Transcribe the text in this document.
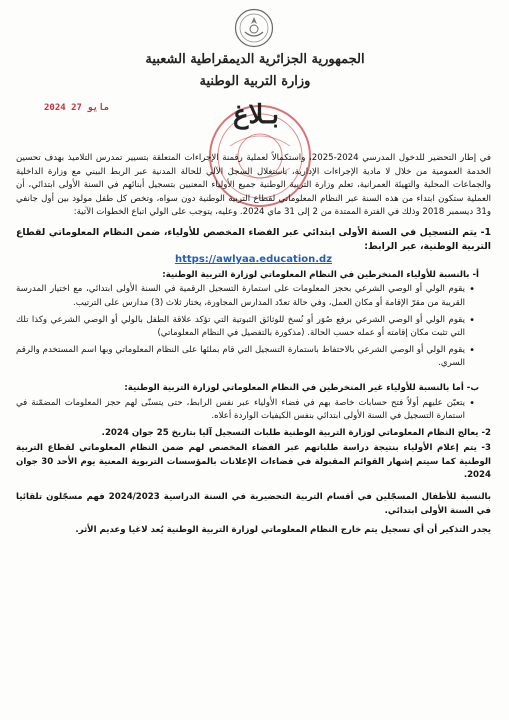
الجمهورية الجزائرية الديمقراطية الشعبية
وزارة التربية الوطنية
2024 مايو 27	بـلاغ

في إطار التحضير للدخول المدرسي 2024-2025، واستكمالاً لعملية رقمنة الإجراءات المتعلقة بتسيير تمدرس التلاميذ بهدف تحسين الخدمة العمومية من خلال لا مادية الإجراءات الإدارية، باستغلال السجل الآلي للحالة المدنية عبر الربط البيني مع وزارة الداخلية والجماعات المحلية والتهيئة العمرانية، تعلم وزارة التربية الوطنية جميع الأولياء المعنيين بتسجيل أبنائهم في السنة الأولى ابتدائي، أن العملية ستكون ابتداء من هذه السنة عبر النظام المعلوماتي لقطاع التربية الوطنية دون سواه، وتخص كل طفل مولود بين أول جانفي و31 ديسمبر 2018 وذلك في الفترة الممتدة من 2 إلى 31 ماي 2024. وعليه، يتوجب على الولي اتباع الخطوات الآتية:

1- يتم التسجيل في السنة الأولى ابتدائي عبر الفضاء المخصص للأولياء، ضمن النظام المعلوماتي لقطاع التربية الوطنية، عبر الرابط:

https://awlyaa.education.dz

أ- بالنسبة للأولياء المنخرطين في النظام المعلوماتي لوزارة التربية الوطنية:

• يقوم الولي أو الوصي الشرعي بحجز المعلومات على استمارة التسجيل الرقمية في السنة الأولى ابتدائي، مع اختيار المدرسة القريبة من مقرّ الإقامة أو مكان العمل، وفي حالة تعدّد المدارس المجاورة، يختار ثلاث (3) مدارس على الترتيب.
• يقوم الولي أو الوصي الشرعي برفع صُوَر أو نُسخ للوثائق الثبوتية التي تؤكد علاقة الطفل بالولي أو الوصي الشرعي وكذا تلك التي تثبت مكان إقامته أو عمله حسب الحالة. (مذكورة بالتفصيل في النظام المعلوماتي)
• يقوم الولي أو الوصي الشرعي بالاحتفاظ باستمارة التسجيل التي قام بملئها على النظام المعلوماتي وبها اسم المستخدم والرقم السري.

ب- أما بالنسبة للأولياء غير المنخرطين في النظام المعلوماتي لوزارة التربية الوطنية:

• يتعيّن عليهم أولاً فتح حسابات خاصة بهم في فضاء الأولياء عبر نفس الرابط، حتى يتسنّى لهم حجز المعلومات المضمّنة في استمارة التسجيل في السنة الأولى ابتدائي بنفس الكيفيات الواردة أعلاه.

2- يعالج النظام المعلوماتي لوزارة التربية الوطنية طلبات التسجيل آليا بتاريخ 25 جوان 2024.

3- يتم إعلام الأولياء بنتيجة دراسة طلباتهم عبر الفضاء المخصص لهم ضمن النظام المعلوماتي لقطاع التربية الوطنية كما سيتم إشهار القوائم المقبولة في فضاءات الإعلانات بالمؤسسات التربوية المعنية يوم الأحد 30 جوان 2024.

بالنسبة للأطفال المسجّلين في أقسام التربية التحضيرية في السنة الدراسية 2024/2023 فهم مسجّلون تلقائيا في السنة الأولى ابتدائي.

يجدر التذكير أن أي تسجيل يتم خارج النظام المعلوماتي لوزارة التربية الوطنية يُعد لاغيا وعديم الأثر.
